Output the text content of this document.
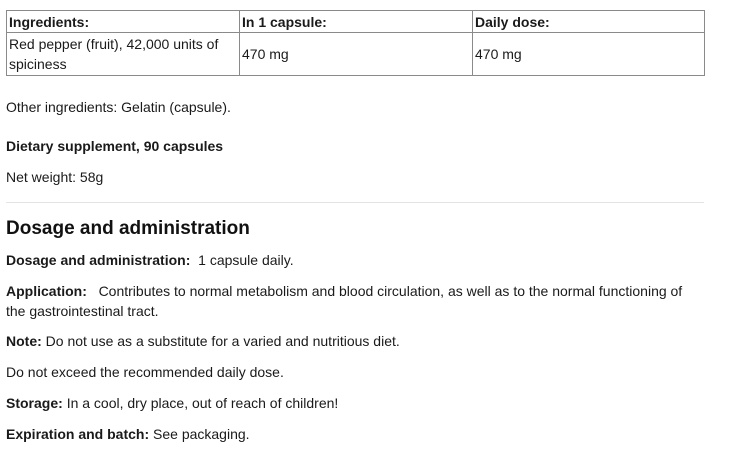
Ingredients:	In 1 capsule:	Daily dose:
Red pepper (fruit), 42,000 units of spiciness	470 mg	470 mg

Other ingredients: Gelatin (capsule).

Dietary supplement, 90 capsules

Net weight: 58g

Dosage and administration

Dosage and administration: 1 capsule daily.

Application: Contributes to normal metabolism and blood circulation, as well as to the normal functioning of the gastrointestinal tract.

Note: Do not use as a substitute for a varied and nutritious diet.

Do not exceed the recommended daily dose.

Storage: In a cool, dry place, out of reach of children!

Expiration and batch: See packaging.
